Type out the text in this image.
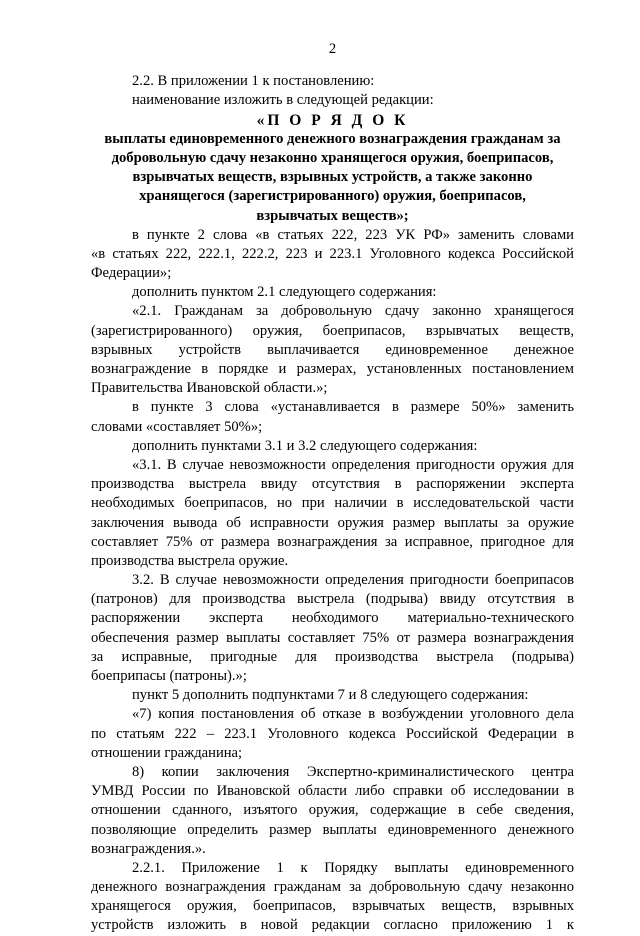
2
2.2. В приложении 1 к постановлению:
наименование изложить в следующей редакции:
«П О Р Я Д О К
выплаты единовременного денежного вознаграждения гражданам за
добровольную сдачу незаконно хранящегося оружия, боеприпасов,
взрывчатых веществ, взрывных устройств, а также законно
хранящегося (зарегистрированного) оружия, боеприпасов,
взрывчатых веществ»;
в пункте 2 слова «в статьях 222, 223 УК РФ» заменить словами
«в статьях 222, 222.1, 222.2, 223 и 223.1 Уголовного кодекса Российской
Федерации»;
дополнить пунктом 2.1 следующего содержания:
«2.1. Гражданам за добровольную сдачу законно хранящегося
(зарегистрированного) оружия, боеприпасов, взрывчатых веществ,
взрывных устройств выплачивается единовременное денежное
вознаграждение в порядке и размерах, установленных постановлением
Правительства Ивановской области.»;
в пункте 3 слова «устанавливается в размере 50%» заменить
словами «составляет 50%»;
дополнить пунктами 3.1 и 3.2 следующего содержания:
«3.1. В случае невозможности определения пригодности оружия для
производства выстрела ввиду отсутствия в распоряжении эксперта
необходимых боеприпасов, но при наличии в исследовательской части
заключения вывода об исправности оружия размер выплаты за оружие
составляет 75% от размера вознаграждения за исправное, пригодное для
производства выстрела оружие.
3.2. В случае невозможности определения пригодности боеприпасов
(патронов) для производства выстрела (подрыва) ввиду отсутствия в
распоряжении эксперта необходимого материально-технического
обеспечения размер выплаты составляет 75% от размера вознаграждения
за исправные, пригодные для производства выстрела (подрыва)
боеприпасы (патроны).»;
пункт 5 дополнить подпунктами 7 и 8 следующего содержания:
«7) копия постановления об отказе в возбуждении уголовного дела
по статьям 222 – 223.1 Уголовного кодекса Российской Федерации в
отношении гражданина;
8) копии заключения Экспертно-криминалистического центра
УМВД России по Ивановской области либо справки об исследовании в
отношении сданного, изъятого оружия, содержащие в себе сведения,
позволяющие определить размер выплаты единовременного денежного
вознаграждения.».
2.2.1. Приложение 1 к Порядку выплаты единовременного
денежного вознаграждения гражданам за добровольную сдачу незаконно
хранящегося оружия, боеприпасов, взрывчатых веществ, взрывных
устройств изложить в новой редакции согласно приложению 1 к
